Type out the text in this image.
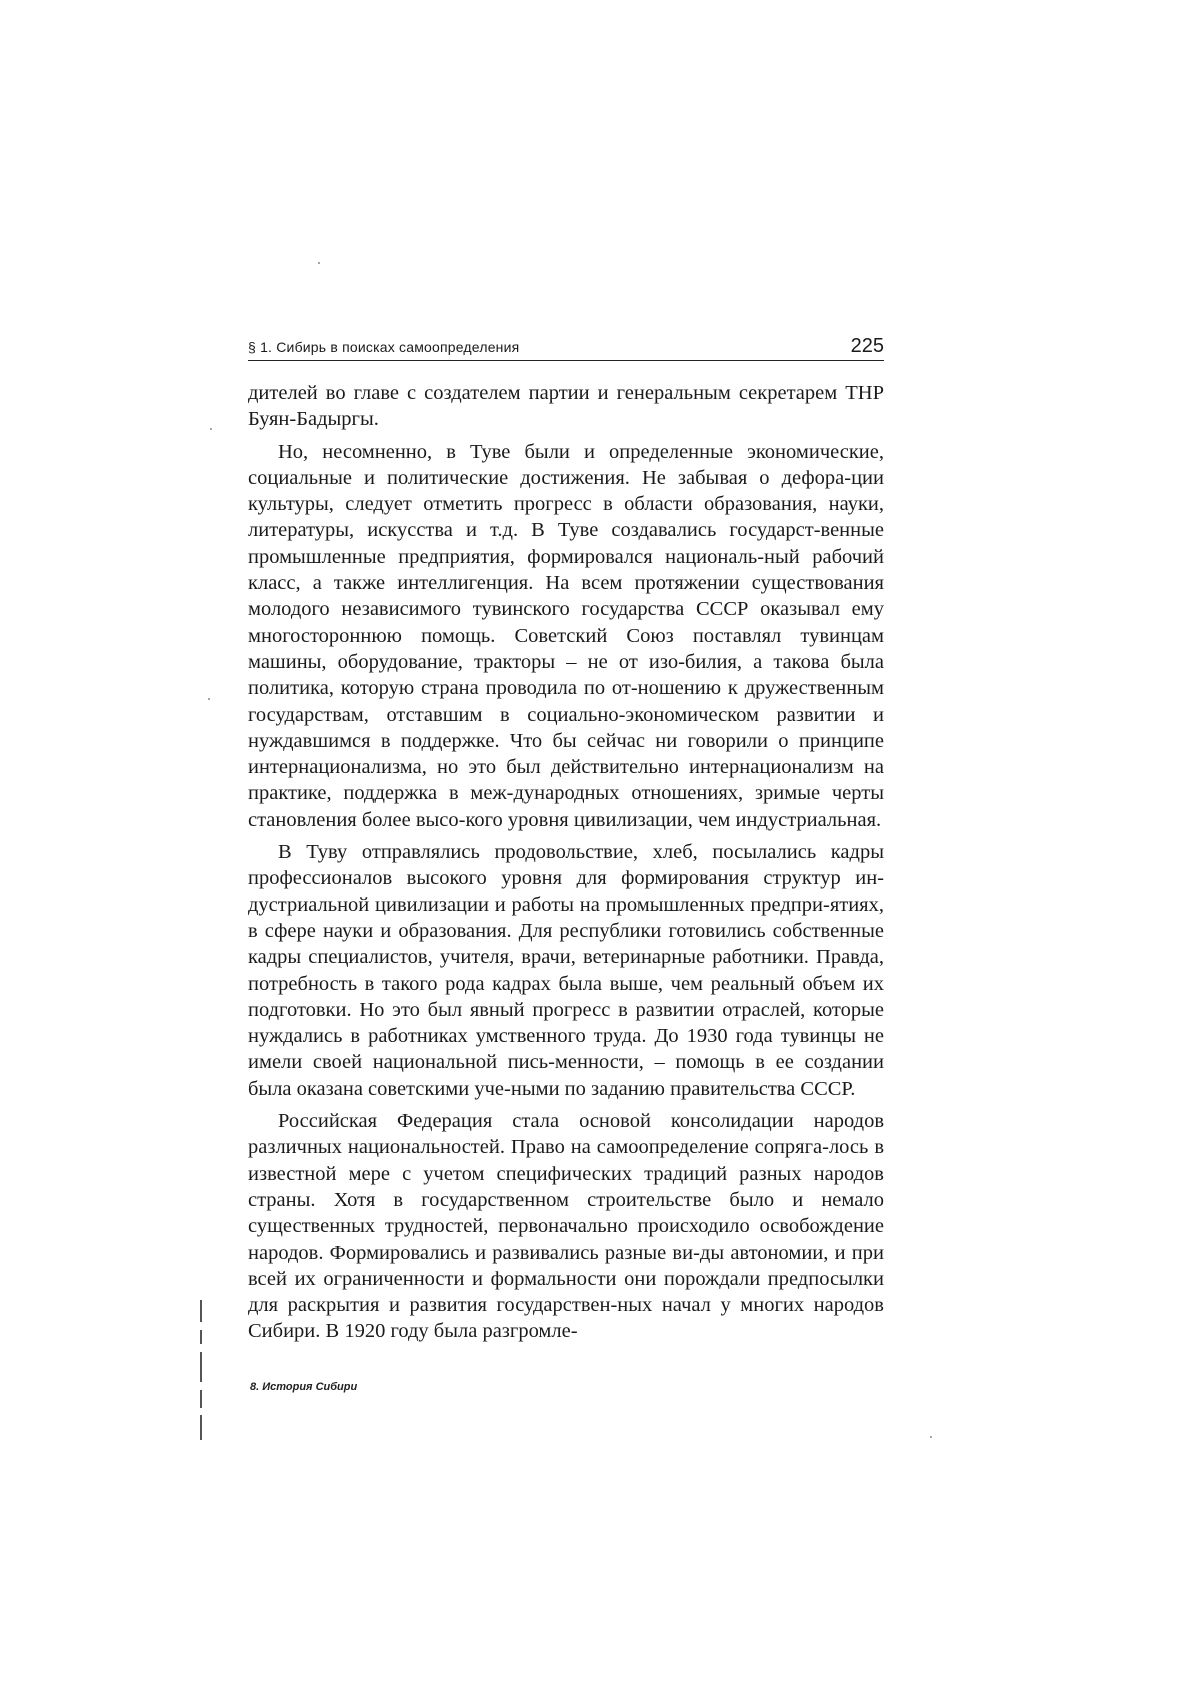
§ 1. Сибирь в поисках самоопределения	225

дителей во главе с создателем партии и генеральным секретарем ТНР Буян-Бадыргы.

Но, несомненно, в Туве были и определенные экономические, социальные и политические достижения. Не забывая о дефорa-ции культуры, следует отметить прогресс в области образования, науки, литературы, искусства и т.д. В Туве создавались государст-венные промышленные предприятия, формировался националь-ный рабочий класс, а также интеллигенция. На всем протяжении существования молодого независимого тувинского государства СССР оказывал ему многостороннюю помощь. Советский Союз поставлял тувинцам машины, оборудование, тракторы – не от изо-билия, а такова была политика, которую страна проводила по от-ношению к дружественным государствам, отставшим в социально-экономическом развитии и нуждавшимся в поддержке. Что бы сейчас ни говорили о принципе интернационализма, но это был действительно интернационализм на практике, поддержка в меж-дународных отношениях, зримые черты становления более высо-кого уровня цивилизации, чем индустриальная.

В Туву отправлялись продовольствие, хлеб, посылались кадры профессионалов высокого уровня для формирования структур ин-дустриальной цивилизации и работы на промышленных предпри-ятиях, в сфере науки и образования. Для республики готовились собственные кадры специалистов, учителя, врачи, ветеринарные работники. Правда, потребность в такого рода кадрах была выше, чем реальный объем их подготовки. Но это был явный прогресс в развитии отраслей, которые нуждались в работниках умственного труда. До 1930 года тувинцы не имели своей национальной пись-менности, – помощь в ее создании была оказана советскими уче-ными по заданию правительства СССР.

Российская Федерация стала основой консолидации народов различных национальностей. Право на самоопределение сопряга-лось в известной мере с учетом специфических традиций разных народов страны. Хотя в государственном строительстве было и немало существенных трудностей, первоначально происходило освобождение народов. Формировались и развивались разные ви-ды автономии, и при всей их ограниченности и формальности они порождали предпосылки для раскрытия и развития государствен-ных начал у многих народов Сибири. В 1920 году была разгромле-

8. История Сибири
